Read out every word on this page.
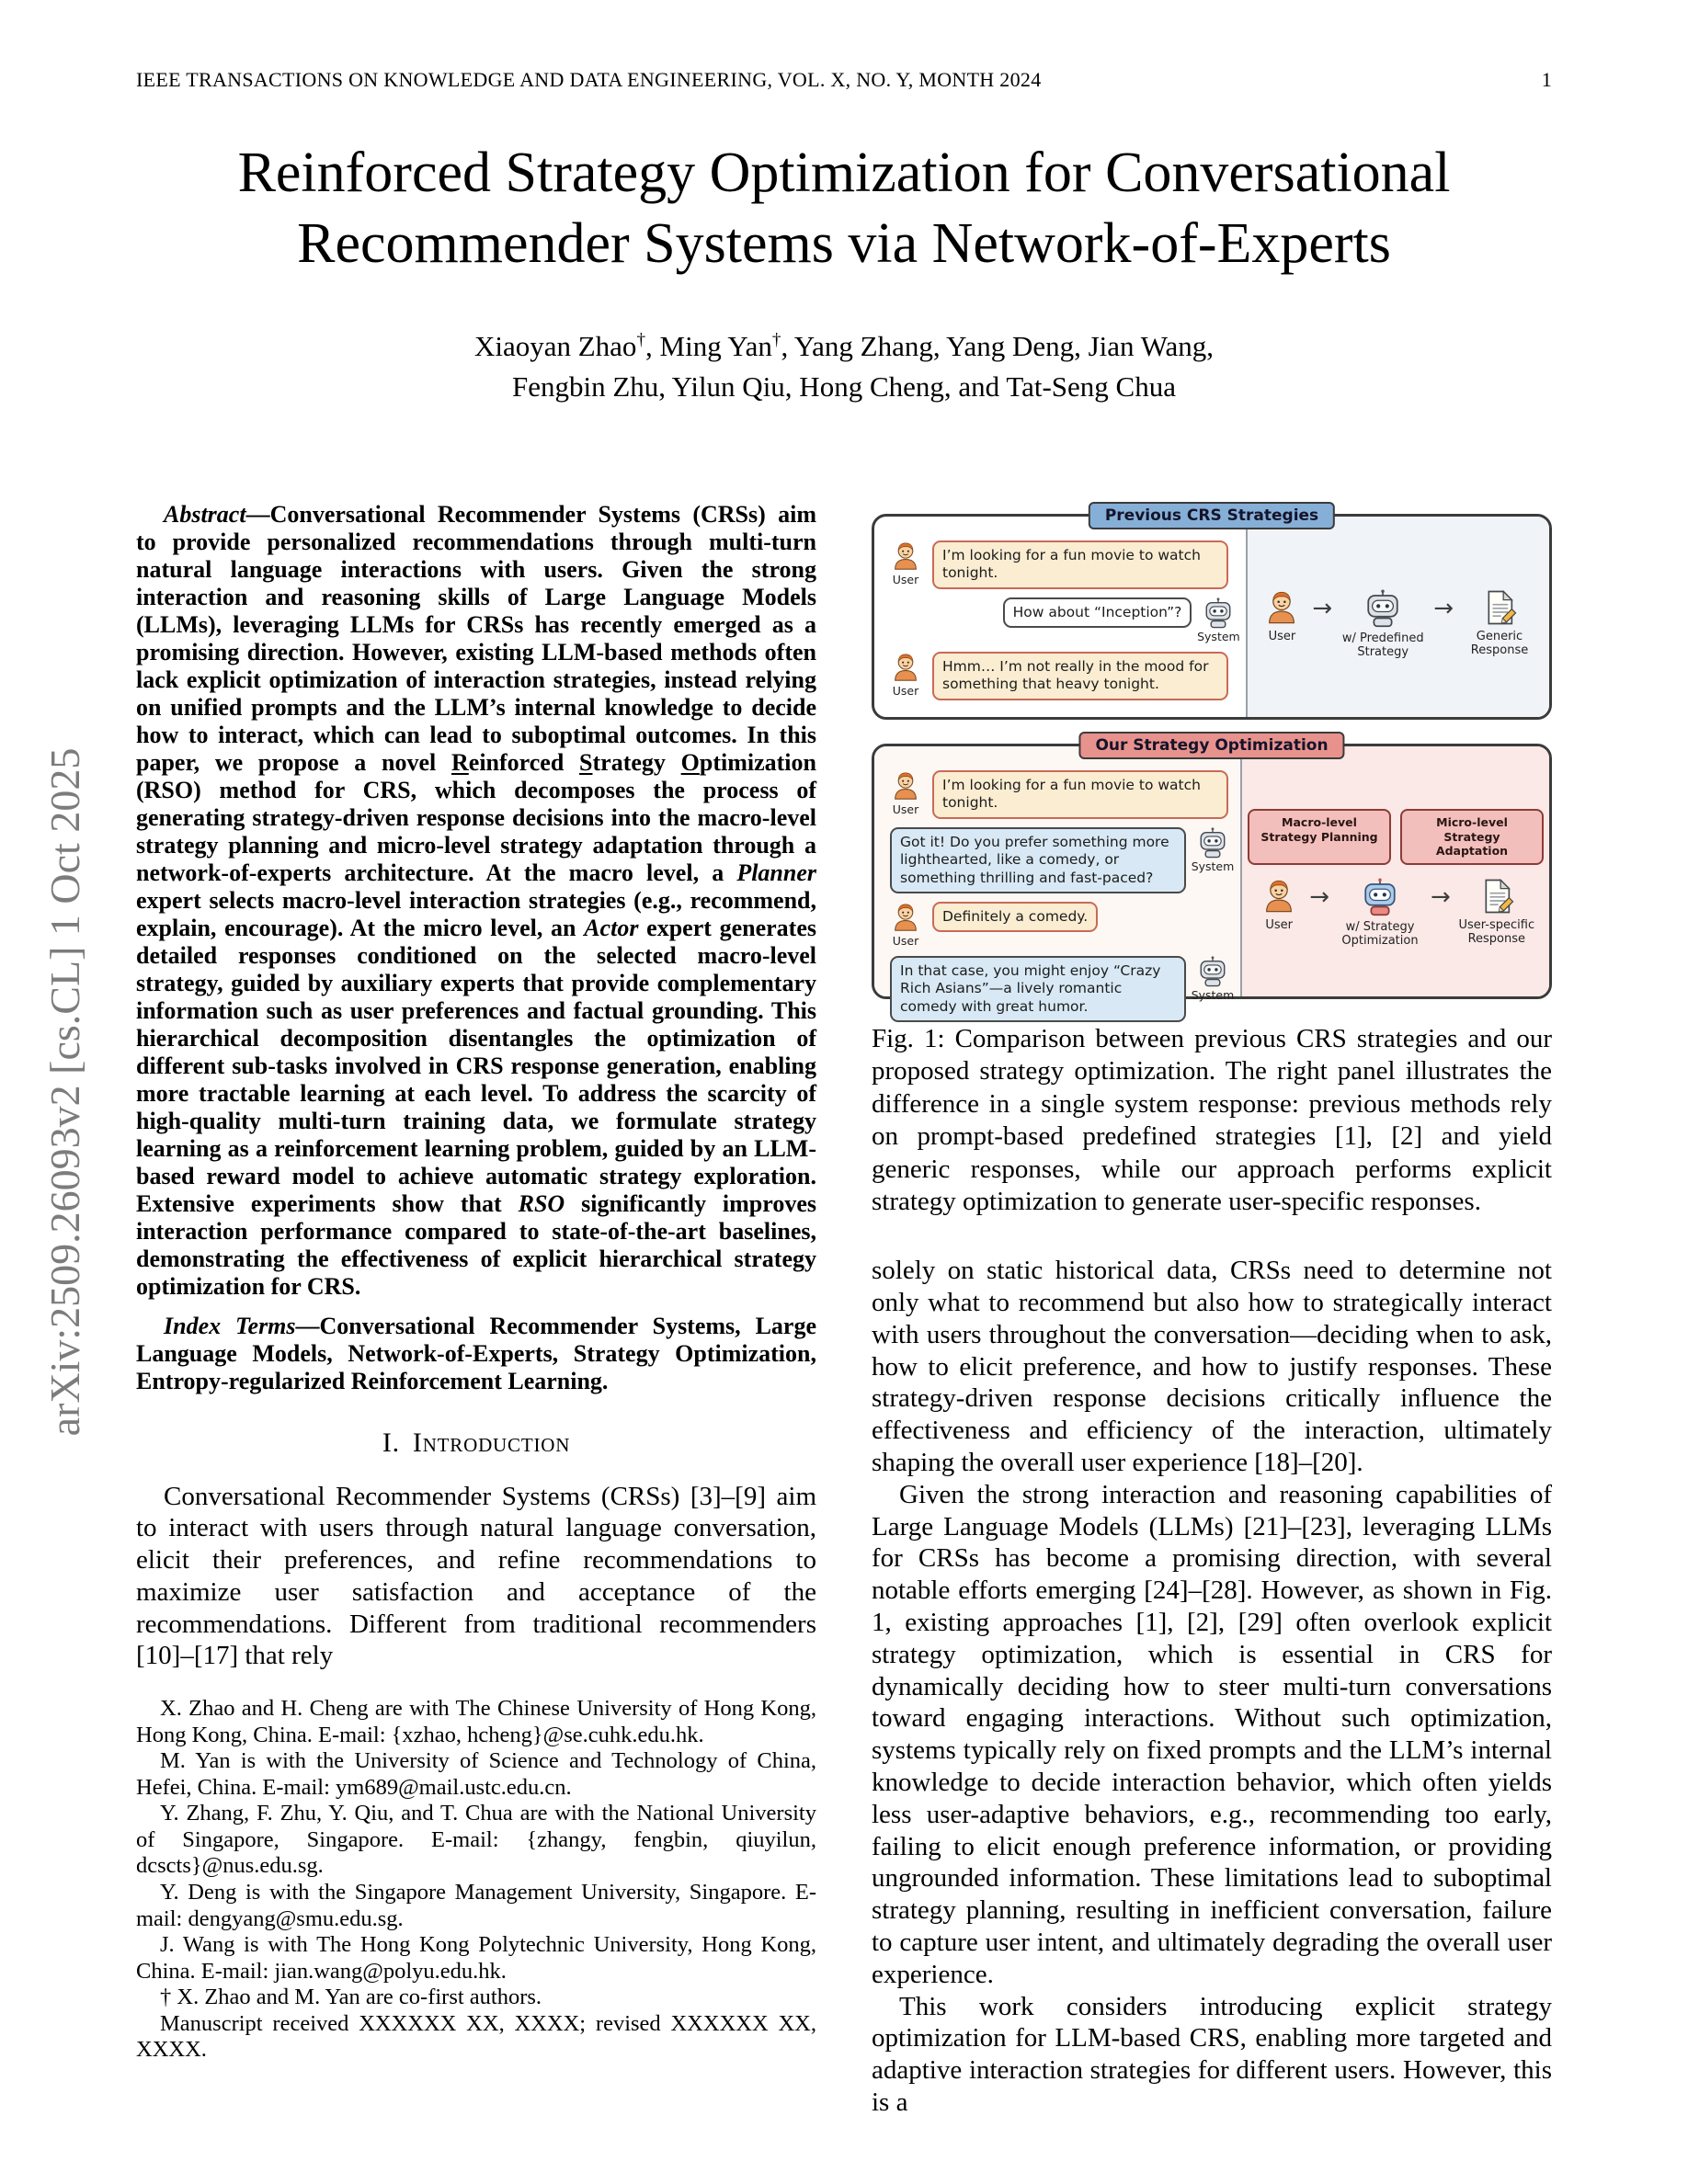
IEEE TRANSACTIONS ON KNOWLEDGE AND DATA ENGINEERING, VOL. X, NO. Y, MONTH 2024	1
arXiv:2509.26093v2 [cs.CL] 1 Oct 2025
Reinforced Strategy Optimization for Conversational
Recommender Systems via Network-of-Experts
Xiaoyan Zhao†, Ming Yan†, Yang Zhang, Yang Deng, Jian Wang,
Fengbin Zhu, Yilun Qiu, Hong Cheng, and Tat-Seng Chua

Abstract—Conversational Recommender Systems (CRSs) aim to provide personalized recommendations through multi-turn natural language interactions with users. Given the strong interaction and reasoning skills of Large Language Models (LLMs), leveraging LLMs for CRSs has recently emerged as a promising direction. However, existing LLM-based methods often lack explicit optimization of interaction strategies, instead relying on unified prompts and the LLM’s internal knowledge to decide how to interact, which can lead to suboptimal outcomes. In this paper, we propose a novel Reinforced Strategy Optimization (RSO) method for CRS, which decomposes the process of generating strategy-driven response decisions into the macro-level strategy planning and micro-level strategy adaptation through a network-of-experts architecture. At the macro level, a Planner expert selects macro-level interaction strategies (e.g., recommend, explain, encourage). At the micro level, an Actor expert generates detailed responses conditioned on the selected macro-level strategy, guided by auxiliary experts that provide complementary information such as user preferences and factual grounding. This hierarchical decomposition disentangles the optimization of different sub-tasks involved in CRS response generation, enabling more tractable learning at each level. To address the scarcity of high-quality multi-turn training data, we formulate strategy learning as a reinforcement learning problem, guided by an LLM-based reward model to achieve automatic strategy exploration. Extensive experiments show that RSO significantly improves interaction performance compared to state-of-the-art baselines, demonstrating the effectiveness of explicit hierarchical strategy optimization for CRS.

Index Terms—Conversational Recommender Systems, Large Language Models, Network-of-Experts, Strategy Optimization, Entropy-regularized Reinforcement Learning.

I. Introduction

Conversational Recommender Systems (CRSs) [3]–[9] aim to interact with users through natural language conversation, elicit their preferences, and refine recommendations to maximize user satisfaction and acceptance of the recommendations. Different from traditional recommenders [10]–[17] that rely

X. Zhao and H. Cheng are with The Chinese University of Hong Kong, Hong Kong, China. E-mail: {xzhao, hcheng}@se.cuhk.edu.hk.

M. Yan is with the University of Science and Technology of China, Hefei, China. E-mail: ym689@mail.ustc.edu.cn.

Y. Zhang, F. Zhu, Y. Qiu, and T. Chua are with the National University of Singapore, Singapore. E-mail: {zhangy, fengbin, qiuyilun, dcscts}@nus.edu.sg.

Y. Deng is with the Singapore Management University, Singapore. E-mail: dengyang@smu.edu.sg.

J. Wang is with The Hong Kong Polytechnic University, Hong Kong, China. E-mail: jian.wang@polyu.edu.hk.

† X. Zhao and M. Yan are co-first authors.

Manuscript received XXXXXX XX, XXXX; revised XXXXXX XX, XXXX.

Previous CRS Strategies
User
I’m looking for a fun movie to watch tonight.
System
How about “Inception”?
User
Hmm… I’m not really in the mood for something that heavy tonight.
User
→
w/ Predefined Strategy
→
Generic Response
Our Strategy Optimization
User
I’m looking for a fun movie to watch tonight.
System
Got it! Do you prefer something more lighthearted, like a comedy, or something thrilling and fast-paced?
User
Definitely a comedy.
System
In that case, you might enjoy “Crazy Rich Asians”—a lively romantic comedy with great humor.
Macro-level
Strategy Planning
Micro-level
Strategy Adaptation
User
→
w/ Strategy Optimization
→
User-specific Response

Fig. 1: Comparison between previous CRS strategies and our proposed strategy optimization. The right panel illustrates the difference in a single system response: previous methods rely on prompt-based predefined strategies [1], [2] and yield generic responses, while our approach performs explicit strategy optimization to generate user-specific responses.

solely on static historical data, CRSs need to determine not only what to recommend but also how to strategically interact with users throughout the conversation—deciding when to ask, how to elicit preference, and how to justify responses. These strategy-driven response decisions critically influence the effectiveness and efficiency of the interaction, ultimately shaping the overall user experience [18]–[20].

Given the strong interaction and reasoning capabilities of Large Language Models (LLMs) [21]–[23], leveraging LLMs for CRSs has become a promising direction, with several notable efforts emerging [24]–[28]. However, as shown in Fig. 1, existing approaches [1], [2], [29] often overlook explicit strategy optimization, which is essential in CRS for dynamically deciding how to steer multi-turn conversations toward engaging interactions. Without such optimization, systems typically rely on fixed prompts and the LLM’s internal knowledge to decide interaction behavior, which often yields less user-adaptive behaviors, e.g., recommending too early, failing to elicit enough preference information, or providing ungrounded information. These limitations lead to suboptimal strategy planning, resulting in inefficient conversation, failure to capture user intent, and ultimately degrading the overall user experience.

This work considers introducing explicit strategy optimization for LLM-based CRS, enabling more targeted and adaptive interaction strategies for different users. However, this is a
